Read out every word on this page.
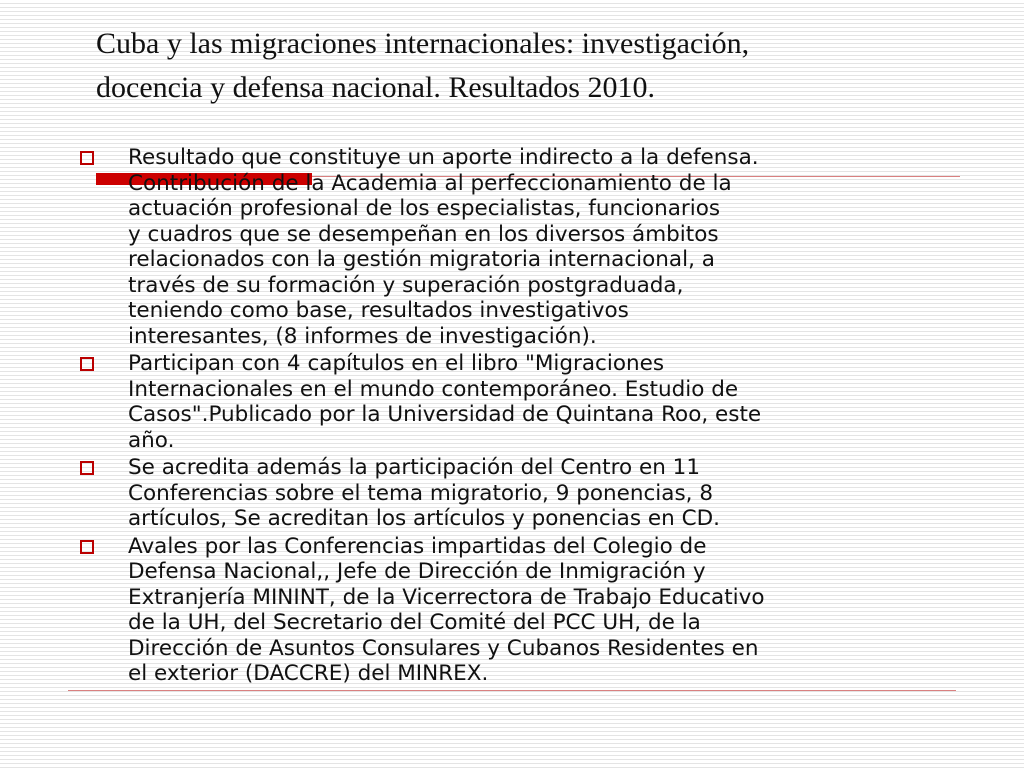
Cuba y las migraciones internacionales: investigación,
docencia y defensa nacional. Resultados 2010.
Resultado que constituye un aporte indirecto a la defensa.
Contribución de la Academia al perfeccionamiento de la
actuación profesional de los especialistas, funcionarios
y cuadros que se desempeñan en los diversos ámbitos
relacionados con la gestión migratoria internacional, a
través de su formación y superación postgraduada,
teniendo como base, resultados investigativos
interesantes, (8 informes de investigación).
Participan con 4 capítulos en el libro "Migraciones
Internacionales en el mundo contemporáneo. Estudio de
Casos".Publicado por la Universidad de Quintana Roo, este
año.
Se acredita además la participación del Centro en 11
Conferencias sobre el tema migratorio, 9 ponencias, 8
artículos, Se acreditan los artículos y ponencias en CD.
Avales por las Conferencias impartidas del Colegio de
Defensa Nacional,, Jefe de Dirección de Inmigración y
Extranjería MININT, de la Vicerrectora de Trabajo Educativo
de la UH, del Secretario del Comité del PCC UH, de la
Dirección de Asuntos Consulares y Cubanos Residentes en
el exterior (DACCRE) del MINREX.
